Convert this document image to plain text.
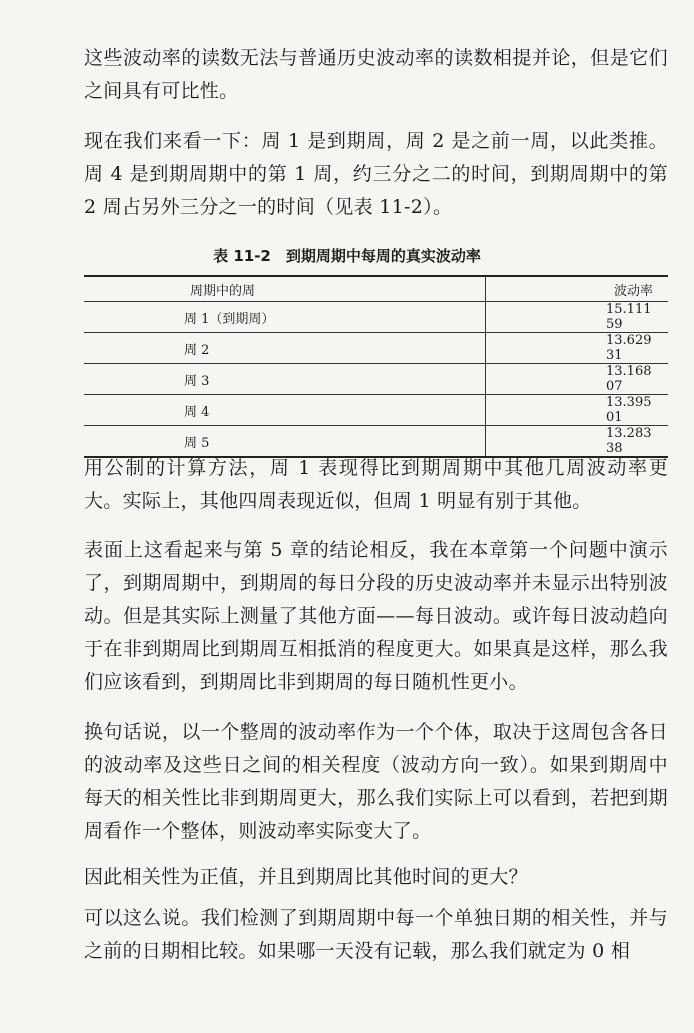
这些波动率的读数无法与普通历史波动率的读数相提并论，但是它们之间具有可比性。

现在我们来看一下：周 1 是到期周，周 2 是之前一周，以此类推。周 4 是到期周期中的第 1 周，约三分之二的时间，到期周期中的第 2 周占另外三分之一的时间（见表 11-2）。

表 11-2　到期周期中每周的真实波动率
周期中的周	波动率
周 1（到期周）	15.111 59
周 2	13.629 31
周 3	13.168 07
周 4	13.395 01
周 5	13.283 38

用公制的计算方法，周 1 表现得比到期周期中其他几周波动率更大。实际上，其他四周表现近似，但周 1 明显有别于其他。

表面上这看起来与第 5 章的结论相反，我在本章第一个问题中演示了，到期周期中，到期周的每日分段的历史波动率并未显示出特别波动。但是其实际上测量了其他方面——每日波动。或许每日波动趋向于在非到期周比到期周互相抵消的程度更大。如果真是这样，那么我们应该看到，到期周比非到期周的每日随机性更小。

换句话说，以一个整周的波动率作为一个个体，取决于这周包含各日的波动率及这些日之间的相关程度（波动方向一致）。如果到期周中每天的相关性比非到期周更大，那么我们实际上可以看到，若把到期周看作一个整体，则波动率实际变大了。

因此相关性为正值，并且到期周比其他时间的更大？

可以这么说。我们检测了到期周期中每一个单独日期的相关性，并与之前的日期相比较。如果哪一天没有记载，那么我们就定为 0 相
